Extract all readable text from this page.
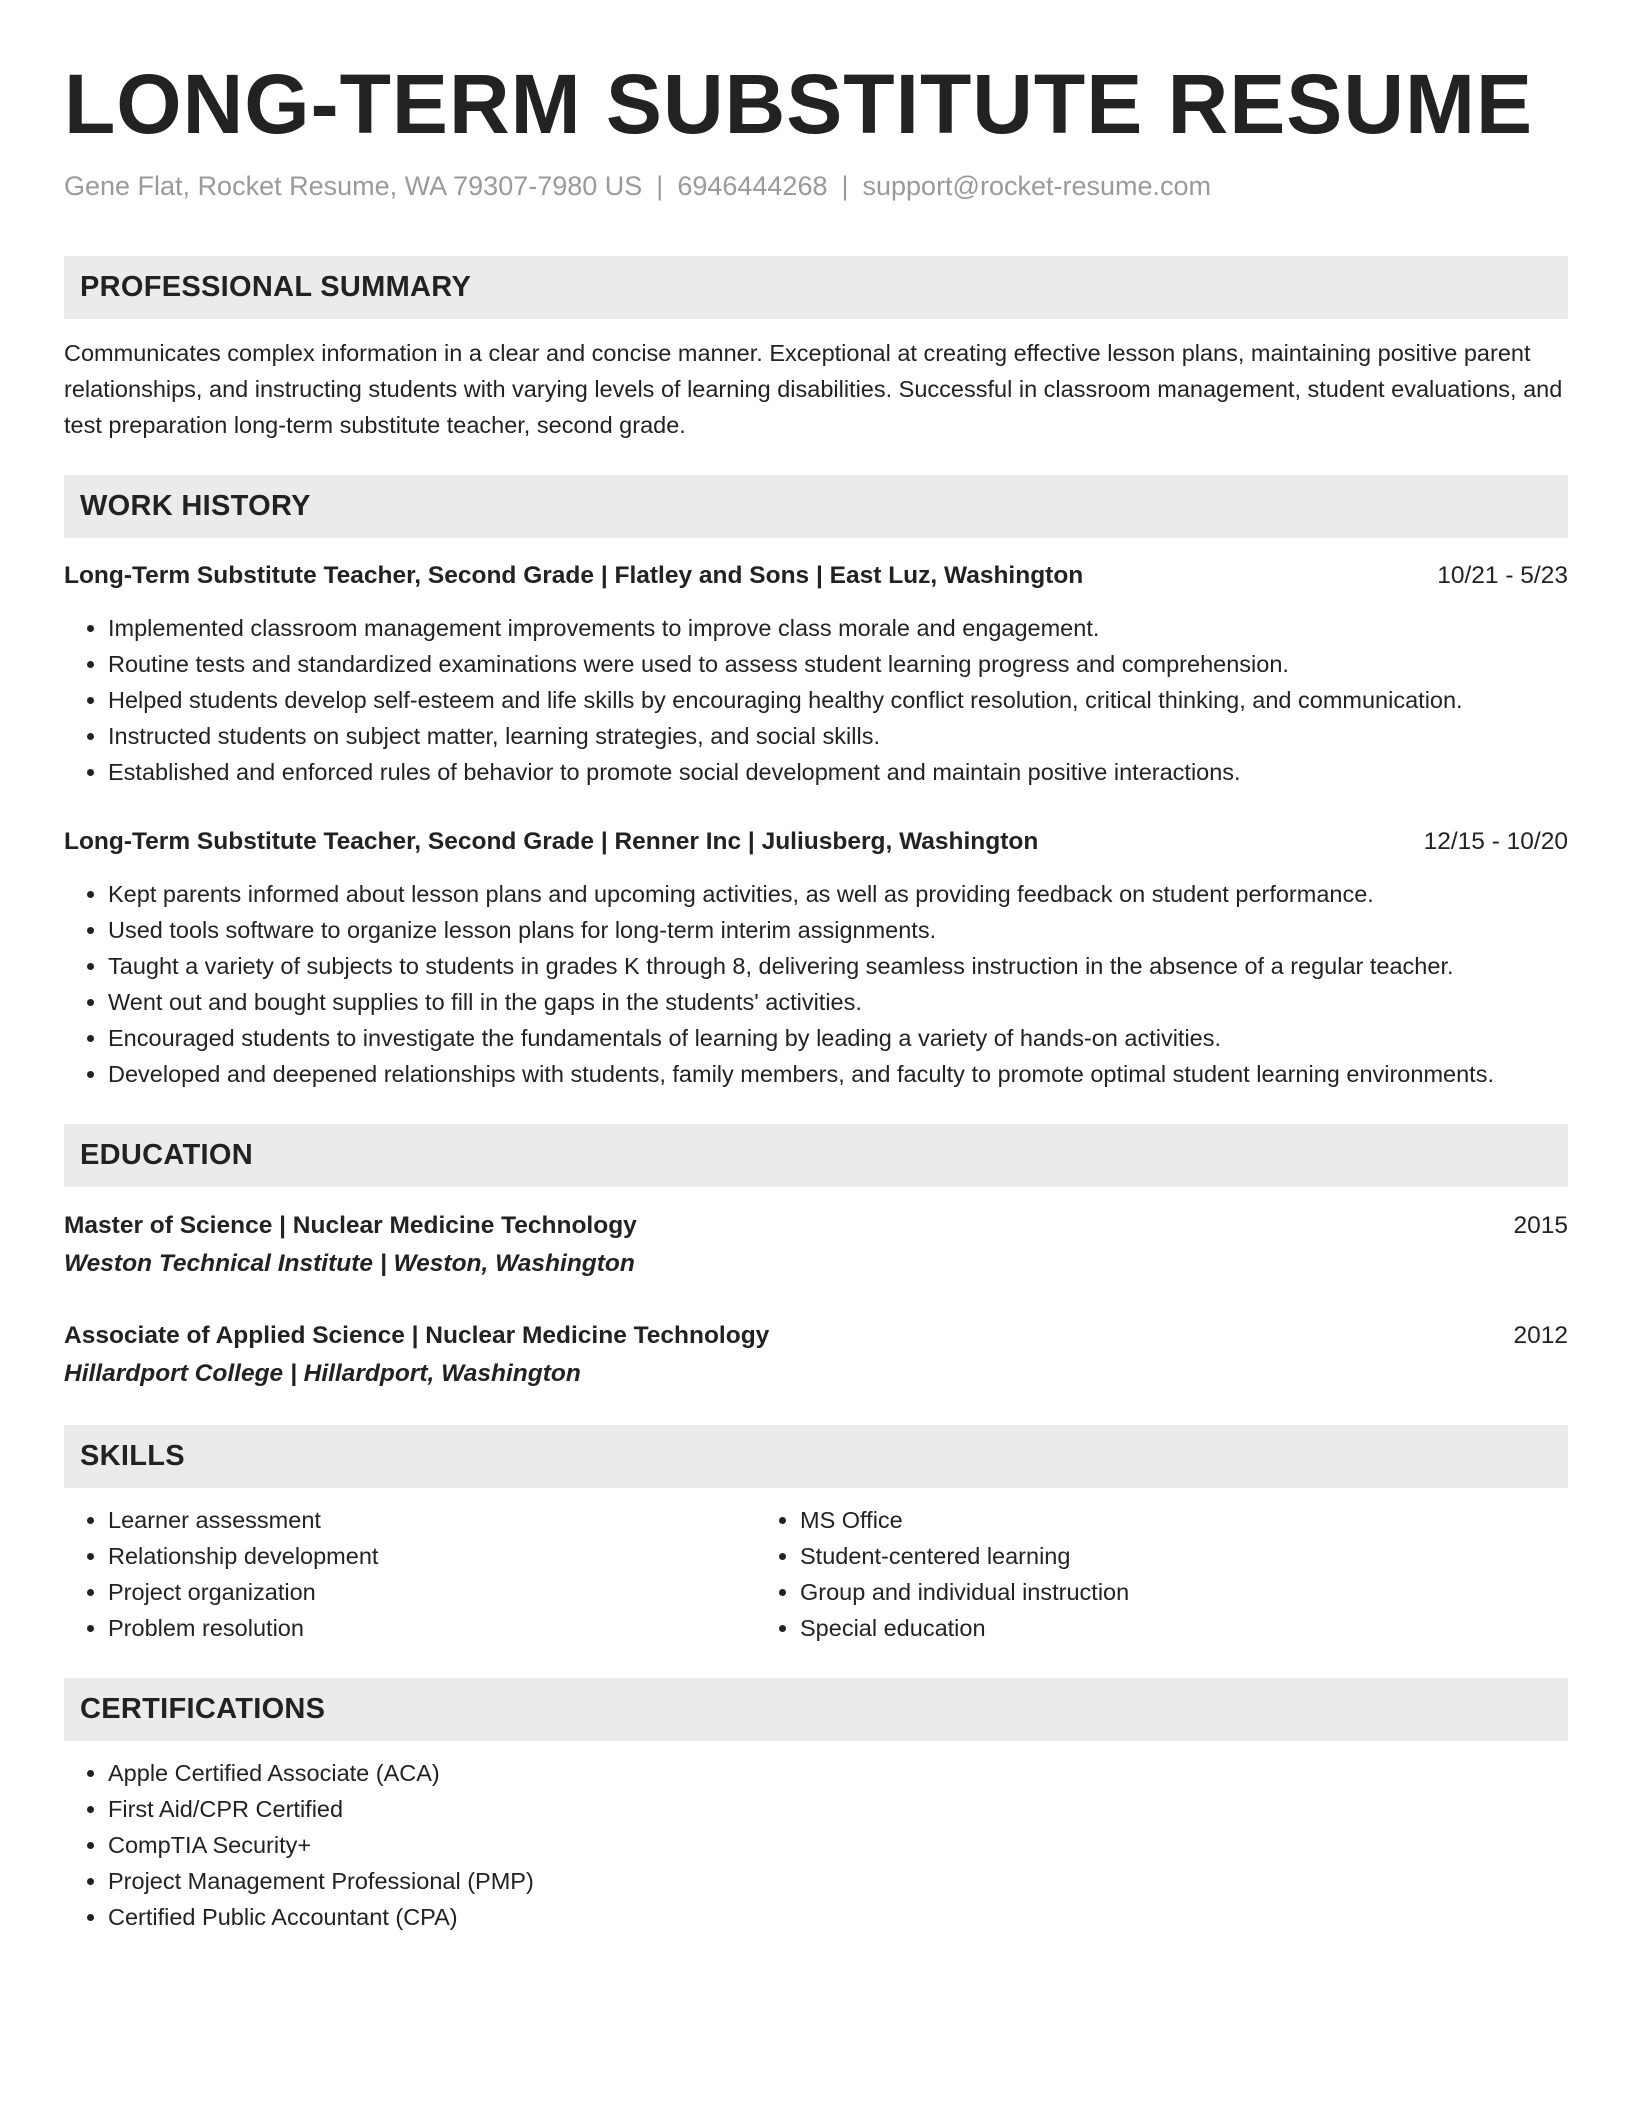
LONG-TERM SUBSTITUTE RESUME
Gene Flat, Rocket Resume, WA 79307-7980 US | 6946444268 | support@rocket-resume.com
PROFESSIONAL SUMMARY

Communicates complex information in a clear and concise manner. Exceptional at creating effective lesson plans, maintaining positive parent relationships, and instructing students with varying levels of learning disabilities. Successful in classroom management, student evaluations, and test preparation long-term substitute teacher, second grade.

WORK HISTORY
Long-Term Substitute Teacher, Second Grade | Flatley and Sons | East Luz, Washington	10/21 - 5/23
• Implemented classroom management improvements to improve class morale and engagement.
• Routine tests and standardized examinations were used to assess student learning progress and comprehension.
• Helped students develop self-esteem and life skills by encouraging healthy conflict resolution, critical thinking, and communication.
• Instructed students on subject matter, learning strategies, and social skills.
• Established and enforced rules of behavior to promote social development and maintain positive interactions.
Long-Term Substitute Teacher, Second Grade | Renner Inc | Juliusberg, Washington	12/15 - 10/20
• Kept parents informed about lesson plans and upcoming activities, as well as providing feedback on student performance.
• Used tools software to organize lesson plans for long-term interim assignments.
• Taught a variety of subjects to students in grades K through 8, delivering seamless instruction in the absence of a regular teacher.
• Went out and bought supplies to fill in the gaps in the students' activities.
• Encouraged students to investigate the fundamentals of learning by leading a variety of hands-on activities.
• Developed and deepened relationships with students, family members, and faculty to promote optimal student learning environments.
EDUCATION
Master of Science | Nuclear Medicine Technology	2015
Weston Technical Institute | Weston, Washington
Associate of Applied Science | Nuclear Medicine Technology	2012
Hillardport College | Hillardport, Washington
SKILLS
• Learner assessment
• Relationship development
• Project organization
• Problem resolution
• MS Office
• Student-centered learning
• Group and individual instruction
• Special education
CERTIFICATIONS
• Apple Certified Associate (ACA)
• First Aid/CPR Certified
• CompTIA Security+
• Project Management Professional (PMP)
• Certified Public Accountant (CPA)
